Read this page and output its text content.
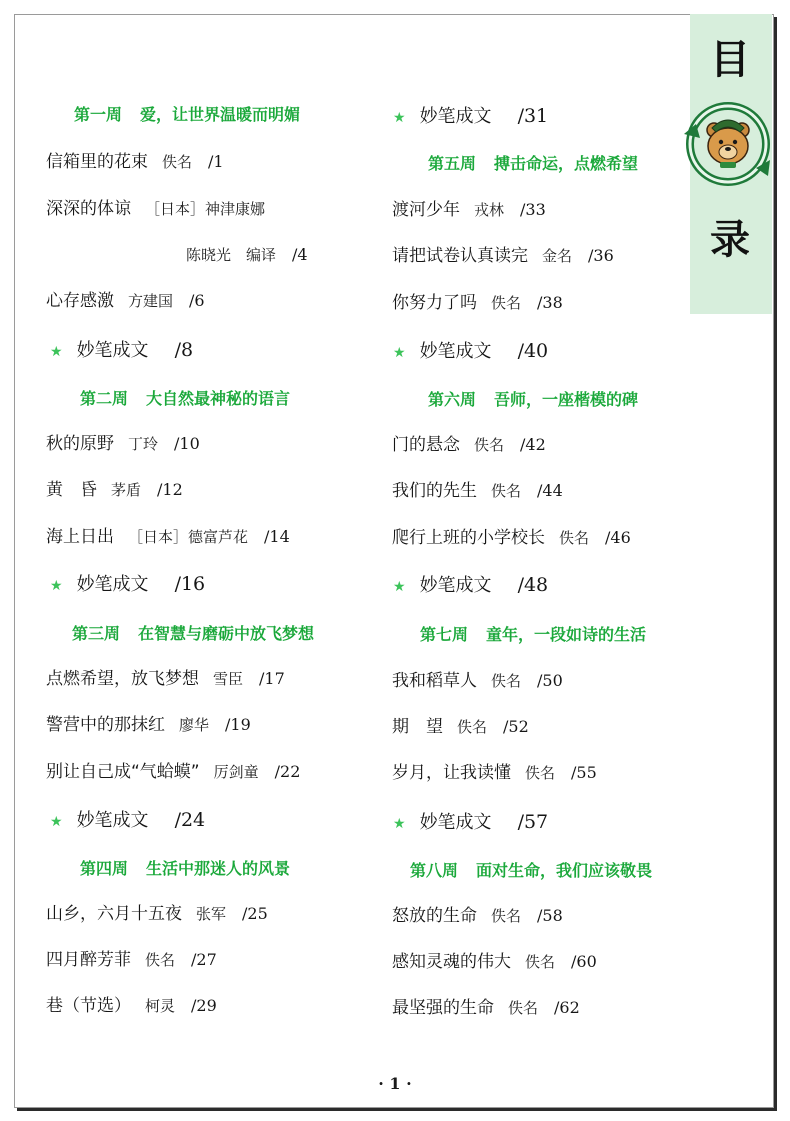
目
录
第一周 爱，让世界温暖而明媚
信箱里的花束 佚名 /1
深深的体谅 ［日本］神津康娜
陈晓光　编译 /4
心存感激 方建国 /6
★ 妙笔成文 /8
第二周 大自然最神秘的语言
秋的原野 丁玲 /10
黄　昏 茅盾 /12
海上日出 ［日本］德富芦花 /14
★ 妙笔成文 /16
第三周 在智慧与磨砺中放飞梦想
点燃希望，放飞梦想 雪臣 /17
警营中的那抹红 廖华 /19
别让自己成“气蛤蟆” 厉剑童 /22
★ 妙笔成文 /24
第四周 生活中那迷人的风景
山乡，六月十五夜 张军 /25
四月醉芳菲 佚名 /27
巷（节选） 柯灵 /29
★ 妙笔成文 /31
第五周 搏击命运，点燃希望
渡河少年 戎林 /33
请把试卷认真读完 金名 /36
你努力了吗 佚名 /38
★ 妙笔成文 /40
第六周 吾师，一座楷模的碑
门的悬念 佚名 /42
我们的先生 佚名 /44
爬行上班的小学校长 佚名 /46
★ 妙笔成文 /48
第七周 童年，一段如诗的生活
我和稻草人 佚名 /50
期　望 佚名 /52
岁月，让我读懂 佚名 /55
★ 妙笔成文 /57
第八周 面对生命，我们应该敬畏
怒放的生命 佚名 /58
感知灵魂的伟大 佚名 /60
最坚强的生命 佚名 /62
· 1 ·
